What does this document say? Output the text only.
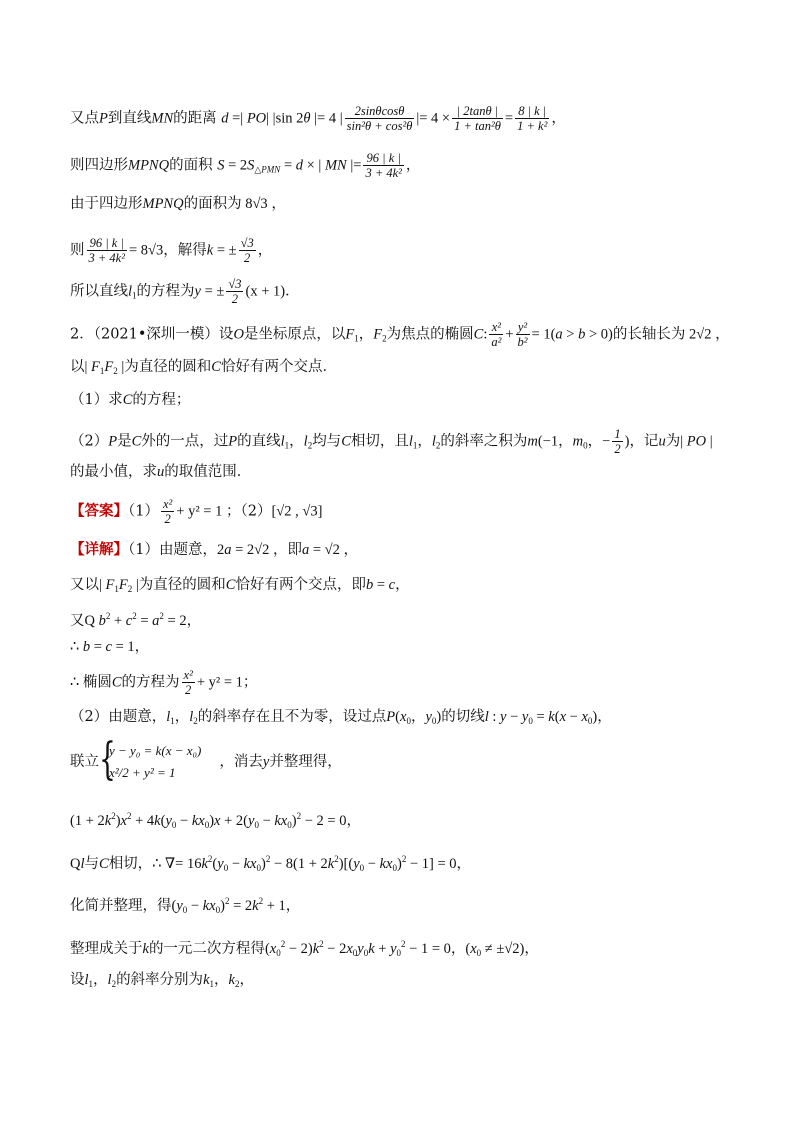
又点P到直线MN的距离 d =| PO| |sin 2θ |= 4 | $\frac{2\sin\theta\cos\theta}{\text{sin²θ + cos²θ}}$ |= $4 \times \frac{| 2\tan\theta |}{\text{1 + tan²θ}} = \frac{8 | k |}{\text{1 + k²}}$ ，
则四边形MPNQ的面积 $S = 2S_{\triangle PMN} = d$ × | MN |= $\frac{96 | k |}{\text{3 + 4k²}}$ ，
由于四边形MPNQ的面积为 8√3 ，
则 $\frac{96 | k |}{\text{3 + 4k²}} = 8√3$，解得k = ± $\frac{√3}{2}$ ，
所以直线$l_1$的方程为y = ± $\frac{√3}{2} (x + 1)$．
2．（2021•深圳一模）设O是坐标原点，以$F_1$，$F_2$为焦点的椭圆C: $\frac{\text{x²}}{\text{a²}} + \frac{\text{y²}}{\text{b²}} = 1(a > b > 0)$的长轴长为 2√2 ，
以| $F_1F_2$ |为直径的圆和C恰好有两个交点．
（1）求C的方程；
（2）P是C外的一点，过P的直线$l_1$，$l_2$均与C相切，且$l_1$，$l_2$的斜率之积为m(−1，$m_0$，− $\frac{1}{2}$ )，记u为| PO |
的最小值，求u的取值范围．
【答案】$(1) \frac{\text{x²}}{2} + y^2 = 1$ ；（2）[√2 , √3]
【详解】（1）由题意，2a = 2√2 ，即a = √2 ，
又以| $F_1F_2$ |为直径的圆和C恰好有两个交点，即b = c，
又Q $b^2 + c^2 = a^2 = 2$，
∴ b = c = 1，
∴ 椭圆C的方程为 $\frac{\text{x²}}{2} + y^2 = 1$；
（2）由题意，$l_1$，$l_2$的斜率存在且不为零，设过点$P(x_0$，$y_0$)的切线l : $y - y_0 = k(x - x_0)$，
联立 {
y − y₀ = k(x − x₀)
x²/2 + y² = 1
，消去y并整理得，
$(1 + 2k^2)x^2 + 4k(y_0 - kx_0)x + 2(y_0 - kx_0)^2 - 2 = 0$，
Ql与C相切，∴ ∇= $16k^2(y_0 - kx_0)^2 - 8(1 + 2k^2)[(y_0 - kx_0)^2 - 1] = 0$，
化简并整理，得$(y_0 - kx_0)^2 = 2k^2 + 1$，
整理成关于k的一元二次方程得$(x_0^2 - 2)k^2 - 2x_0y_0k + y_0^2 - 1 = 0$，$(x_0 \ne \pm√2)$，
设$l_1$，$l_2$的斜率分别为$k_1$，$k_2$，
